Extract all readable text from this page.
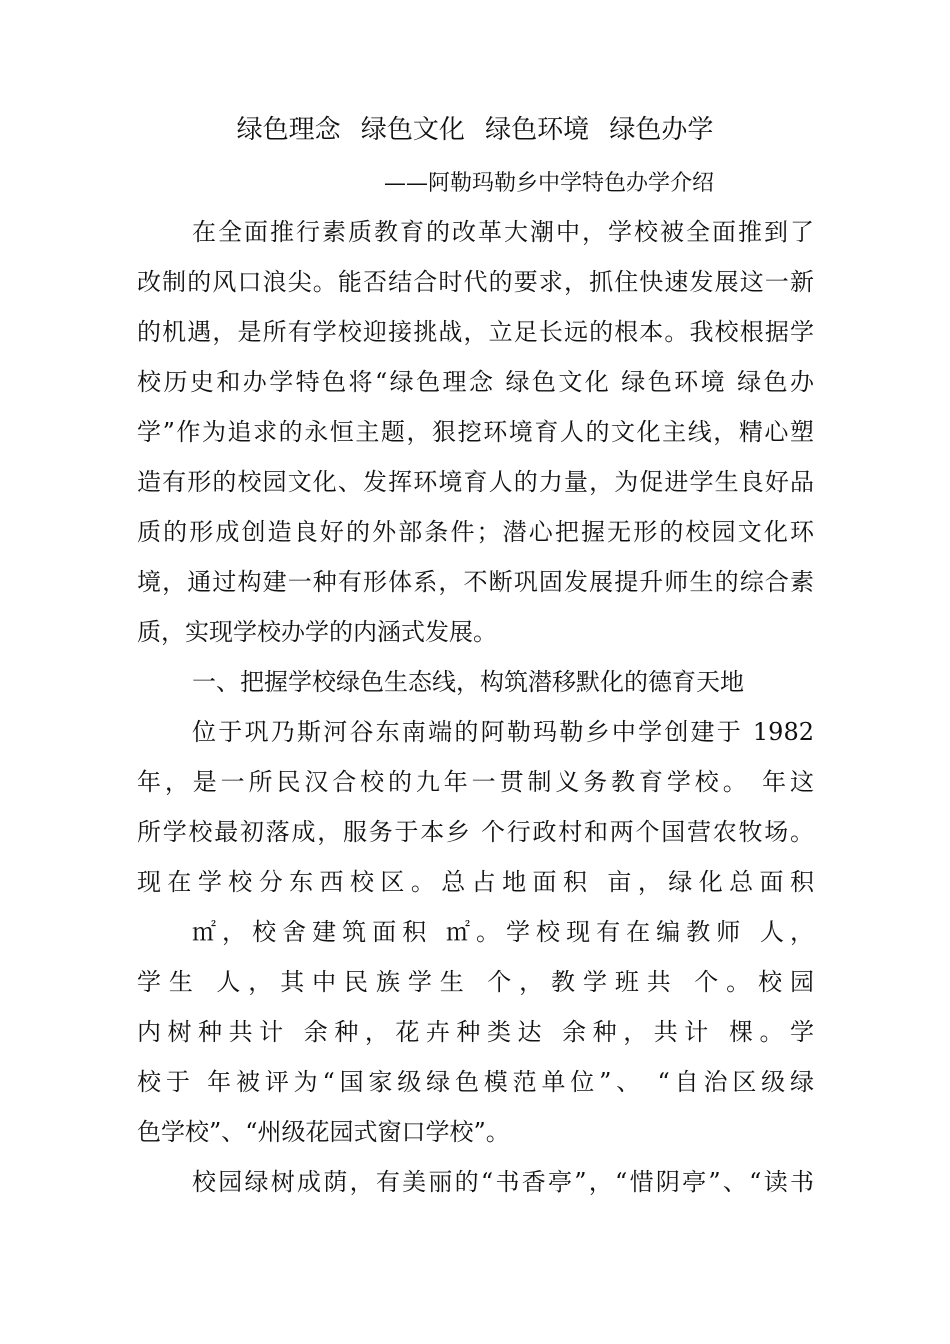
绿色理念 绿色文化 绿色环境 绿色办学
——阿勒玛勒乡中学特色办学介绍
在全面推行素质教育的改革大潮中，学校被全面推到了
改制的风口浪尖。能否结合时代的要求，抓住快速发展这一新
的机遇，是所有学校迎接挑战，立足长远的根本。我校根据学
校历史和办学特色将“绿色理念 绿色文化 绿色环境 绿色办
学”作为追求的永恒主题，狠挖环境育人的文化主线，精心塑
造有形的校园文化、发挥环境育人的力量，为促进学生良好品
质的形成创造良好的外部条件；潜心把握无形的校园文化环
境，通过构建一种有形体系，不断巩固发展提升师生的综合素
质，实现学校办学的内涵式发展。
一、把握学校绿色生态线，构筑潜移默化的德育天地
位于巩乃斯河谷东南端的阿勒玛勒乡中学创建于 1982
年，是一所民汉合校的九年一贯制义务教育学校。 年这
所学校最初落成，服务于本乡 个行政村和两个国营农牧场。
现在学校分东西校区。总占地面积 亩，绿化总面积
㎡，校舍建筑面积 ㎡。学校现有在编教师 人，
学生 人，其中民族学生 个，教学班共 个。校园
内树种共计 余种，花卉种类达 余种，共计 棵。学
校于 年被评为“国家级绿色模范单位”、 “自治区级绿
色学校”、“州级花园式窗口学校”。
校园绿树成荫，有美丽的“书香亭”，“惜阴亭”、“读书
